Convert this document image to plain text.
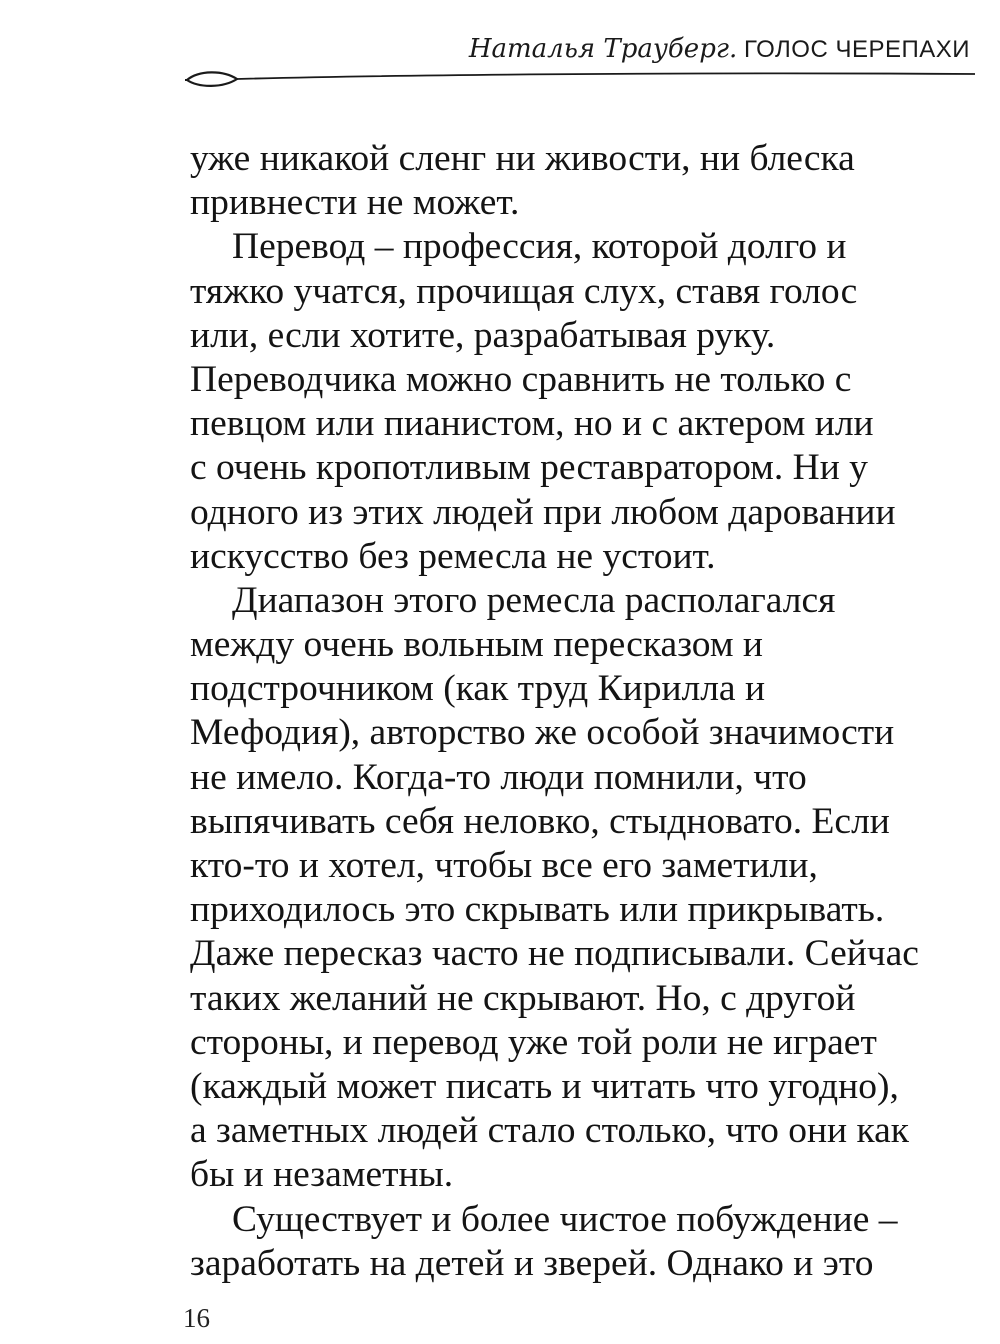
Наталья Трауберг. ГОЛОС ЧЕРЕПАХИ
уже никакой сленг ни живости, ни блеска
привнести не может.
Перевод – профессия, которой долго и
тяжко учатся, прочищая слух, ставя голос
или, если хотите, разрабатывая руку.
Переводчика можно сравнить не только с
певцом или пианистом, но и с актером или
с очень кропотливым реставратором. Ни у
одного из этих людей при любом даровании
искусство без ремесла не устоит.
Диапазон этого ремесла располагался
между очень вольным пересказом и
подстрочником (как труд Кирилла и
Мефодия), авторство же особой значимости
не имело. Когда-то люди помнили, что
выпячивать себя неловко, стыдновато. Если
кто-то и хотел, чтобы все его заметили,
приходилось это скрывать или прикрывать.
Даже пересказ часто не подписывали. Сейчас
таких желаний не скрывают. Но, с другой
стороны, и перевод уже той роли не играет
(каждый может писать и читать что угодно),
а заметных людей стало столько, что они как
бы и незаметны.
Существует и более чистое побуждение –
заработать на детей и зверей. Однако и это
16
